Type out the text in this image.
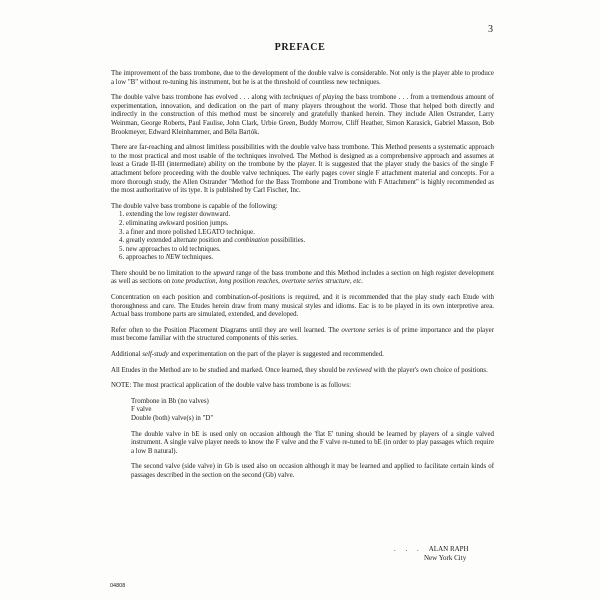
3
PREFACE

The improvement of the bass trombone, due to the development of the double valve is considerable. Not only is the player able to produce a low "B" without re-tuning his instrument, but he is at the threshold of countless new techniques.

The double valve bass trombone has evolved . . . along with techniques of playing the bass trombone . . . from a tremendous amount of experimentation, innovation, and dedication on the part of many players throughout the world. Those that helped both directly and indirectly in the construction of this method must be sincerely and gratefully thanked herein. They include Allen Ostrander, Larry Weinman, George Roberts, Paul Faulise, John Clark, Urbie Green, Buddy Morrow, Cliff Heather, Simon Karasick, Gabriel Masson, Bob Brookmeyer, Edward Kleinhammer, and Béla Bartók.

There are far-reaching and almost limitless possibilities with the double valve bass trombone. This Method presents a systematic approach to the most practical and most usable of the techniques involved. The Method is designed as a comprehensive approach and assumes at least a Grade II-III (intermediate) ability on the trombone by the player. It is suggested that the player study the basics of the single F attachment before proceeding with the double valve techniques. The early pages cover single F attachment material and concepts. For a more thorough study, the Allen Ostrander "Method for the Bass Trombone and Trombone with F Attachment" is highly recommended as the most authoritative of its type. It is published by Carl Fischer, Inc.

The double valve bass trombone is capable of the following:

1. extending the low register downward.
2. eliminating awkward position jumps.
3. a finer and more polished LEGATO technique.
4. greatly extended alternate position and combination possibilities.
5. new approaches to old techniques.
6. approaches to NEW techniques.

There should be no limitation to the upward range of the bass trombone and this Method includes a section on high register development as well as sections on tone production, long position reaches, overtone series structure, etc.

Concentration on each position and combination-of-positions is required, and it is recommended that the play study each Etude with thoroughness and care. The Etudes herein draw from many musical styles and idioms. Eac is to be played in its own interpretive area. Actual bass trombone parts are simulated, extended, and developed.

Refer often to the Position Placement Diagrams until they are well learned. The overtone series is of prime importance and the player must become familiar with the structured components of this series.

Additional self-study and experimentation on the part of the player is suggested and recommended.

All Etudes in the Method are to be studied and marked. Once learned, they should be reviewed with the player's own choice of positions.

NOTE: The most practical application of the double valve bass trombone is as follows:

Trombone in Bb (no valves)
F valve
Double (both) valve(s) in "D"

The double valve in bE is used only on occasion although the 'flat E' tuning should be learned by players of a single valved instrument. A single valve player needs to know the F valve and the F valve re-tuned to bE (in order to play passages which require a low B natural).

The second valve (side valve) in Gb is used also on occasion although it may be learned and applied to facilitate certain kinds of passages described in the section on the second (Gb) valve.

. . . ALAN RAPH
New York City
04808
